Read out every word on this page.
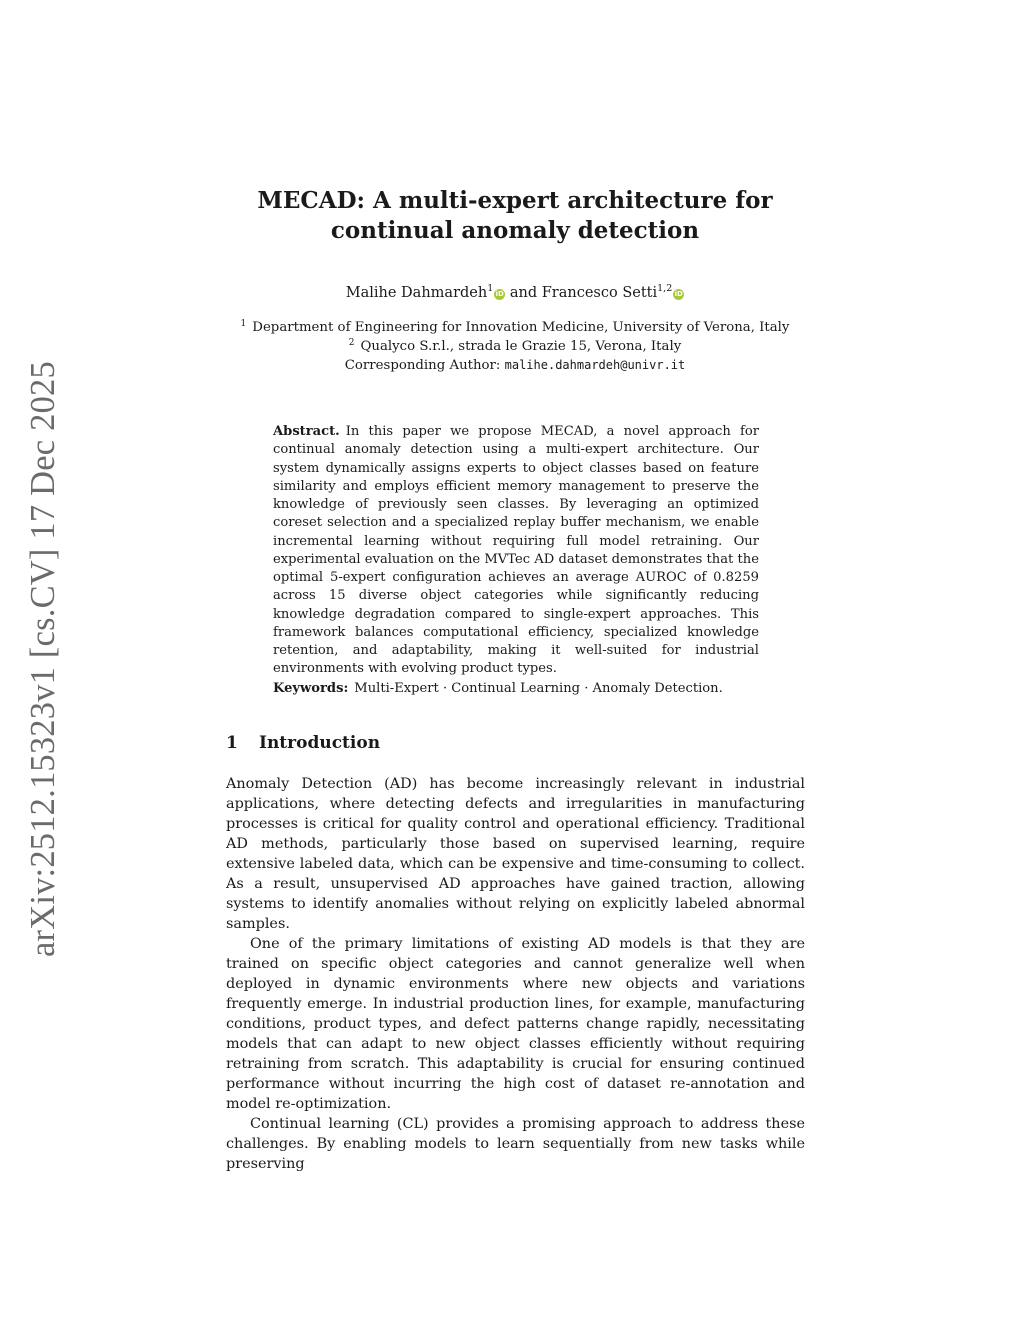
arXiv:2512.15323v1 [cs.CV] 17 Dec 2025
MECAD: A multi-expert architecture for
continual anomaly detection
Malihe Dahmardeh$^1$ iD and Francesco Setti$^{1,2}$ iD
$^1$ Department of Engineering for Innovation Medicine, University of Verona, Italy
$^2$ Qualyco S.r.l., strada le Grazie 15, Verona, Italy
Corresponding Author: malihe.dahmardeh@univr.it
Abstract. In this paper we propose MECAD, a novel approach for continual anomaly detection using a multi-expert architecture. Our system dynamically assigns experts to object classes based on feature similarity and employs efficient memory management to preserve the knowledge of previously seen classes. By leveraging an optimized coreset selection and a specialized replay buffer mechanism, we enable incremental learning without requiring full model retraining. Our experimental evaluation on the MVTec AD dataset demonstrates that the optimal 5-expert configuration achieves an average AUROC of 0.8259 across 15 diverse object categories while significantly reducing knowledge degradation compared to single-expert approaches. This framework balances computational efficiency, specialized knowledge retention, and adaptability, making it well-suited for industrial environments with evolving product types.
Keywords: Multi-Expert · Continual Learning · Anomaly Detection.
1 Introduction

Anomaly Detection (AD) has become increasingly relevant in industrial applications, where detecting defects and irregularities in manufacturing processes is critical for quality control and operational efficiency. Traditional AD methods, particularly those based on supervised learning, require extensive labeled data, which can be expensive and time-consuming to collect. As a result, unsupervised AD approaches have gained traction, allowing systems to identify anomalies without relying on explicitly labeled abnormal samples.

One of the primary limitations of existing AD models is that they are trained on specific object categories and cannot generalize well when deployed in dynamic environments where new objects and variations frequently emerge. In industrial production lines, for example, manufacturing conditions, product types, and defect patterns change rapidly, necessitating models that can adapt to new object classes efficiently without requiring retraining from scratch. This adaptability is crucial for ensuring continued performance without incurring the high cost of dataset re-annotation and model re-optimization.

Continual learning (CL) provides a promising approach to address these challenges. By enabling models to learn sequentially from new tasks while preserving
